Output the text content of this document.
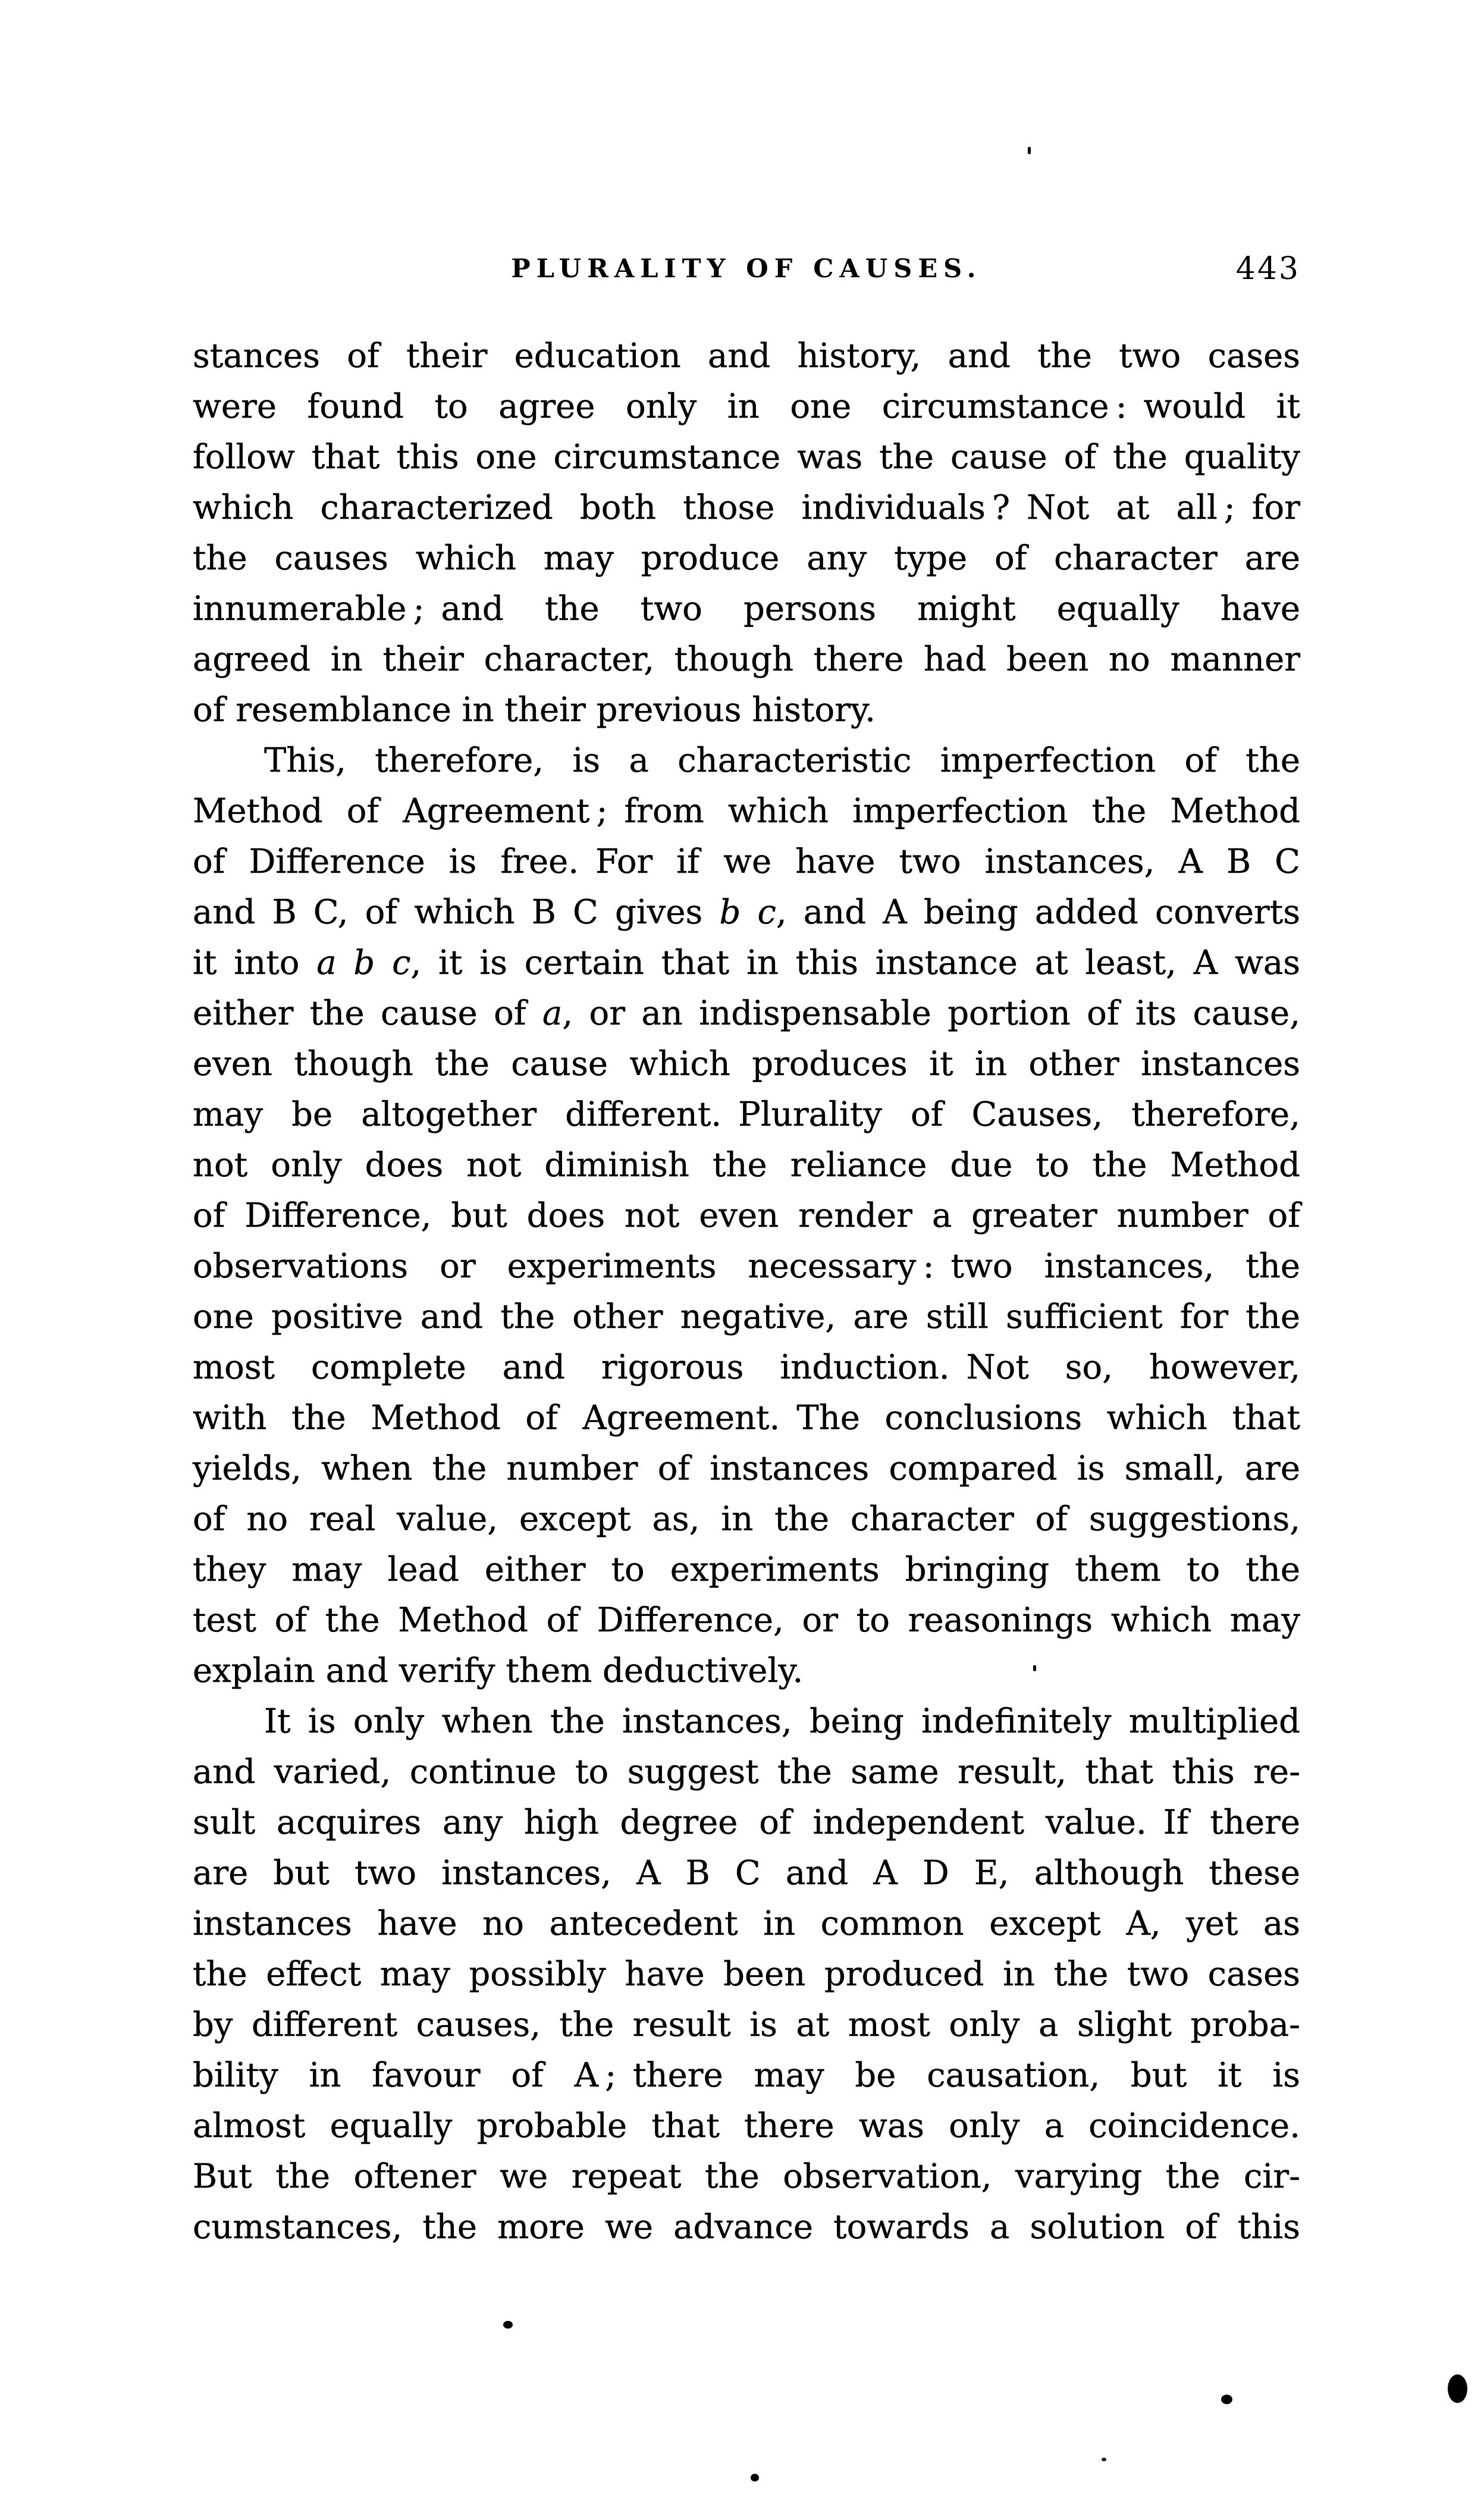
PLURALITY OF CAUSES.	443
stances of their education and history, and the two cases
were found to agree only in one circumstance : would it
follow that this one circumstance was the cause of the quality
which characterized both those individuals ? Not at all ; for
the causes which may produce any type of character are
innumerable ; and the two persons might equally have
agreed in their character, though there had been no manner
of resemblance in their previous history.
This, therefore, is a characteristic imperfection of the
Method of Agreement ; from which imperfection the Method
of Difference is free. For if we have two instances, A B C
and B C, of which B C gives b c, and A being added converts
it into a b c, it is certain that in this instance at least, A was
either the cause of a, or an indispensable portion of its cause,
even though the cause which produces it in other instances
may be altogether different. Plurality of Causes, therefore,
not only does not diminish the reliance due to the Method
of Difference, but does not even render a greater number of
observations or experiments necessary : two instances, the
one positive and the other negative, are still sufficient for the
most complete and rigorous induction. Not so, however,
with the Method of Agreement. The conclusions which that
yields, when the number of instances compared is small, are
of no real value, except as, in the character of suggestions,
they may lead either to experiments bringing them to the
test of the Method of Difference, or to reasonings which may
explain and verify them deductively.
It is only when the instances, being indefinitely multiplied
and varied, continue to suggest the same result, that this re-
sult acquires any high degree of independent value. If there
are but two instances, A B C and A D E, although these
instances have no antecedent in common except A, yet as
the effect may possibly have been produced in the two cases
by different causes, the result is at most only a slight proba-
bility in favour of A ; there may be causation, but it is
almost equally probable that there was only a coincidence.
But the oftener we repeat the observation, varying the cir-
cumstances, the more we advance towards a solution of this
